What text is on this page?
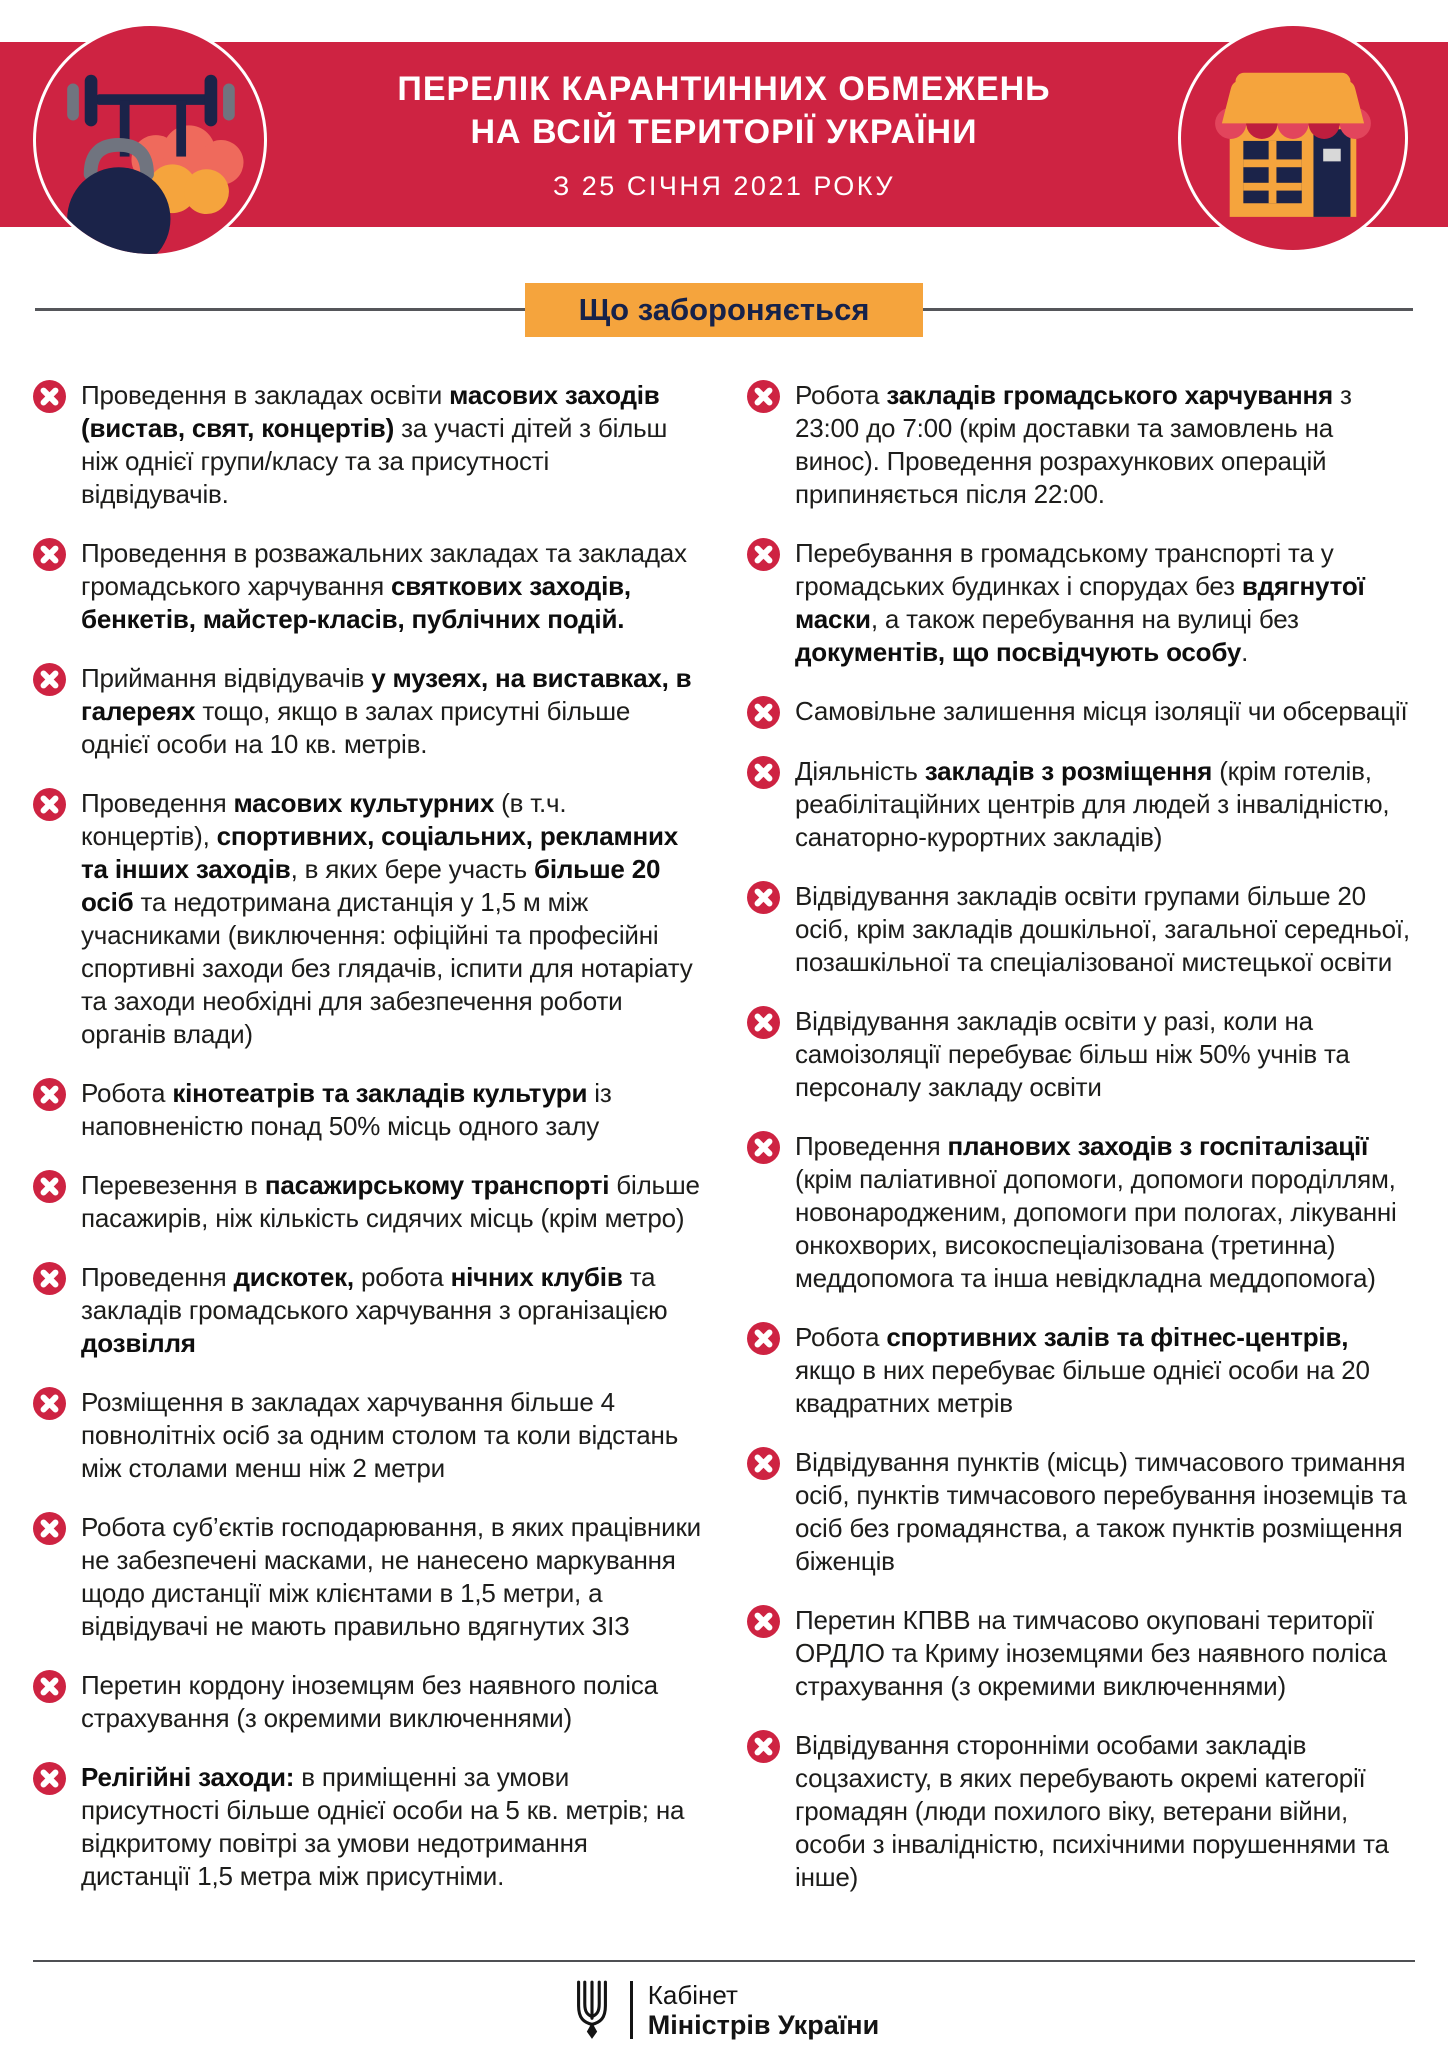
ПЕРЕЛІК КАРАНТИННИХ ОБМЕЖЕНЬ
НА ВСІЙ ТЕРИТОРІЇ УКРАЇНИ
З 25 СІЧНЯ 2021 РОКУ
Що забороняється

Проведення в закладах освіти масових заходів (вистав, свят, концертів) за участі дітей з більш ніж однієї групи/класу та за присутності відвідувачів.

Проведення в розважальних закладах та закладах громадського харчування святкових заходів, бенкетів, майстер-класів, публічних подій.

Приймання відвідувачів у музеях, на виставках, в галереях тощо, якщо в залах присутні більше однієї особи на 10 кв. метрів.

Проведення масових культурних (в т.ч. концертів), спортивних, соціальних, рекламних та інших заходів, в яких бере участь більше 20 осіб та недотримана дистанція у 1,5 м між учасниками (виключення: офіційні та професійні спортивні заходи без глядачів, іспити для нотаріату та заходи необхідні для забезпечення роботи органів влади)

Робота кінотеатрів та закладів культури із наповненістю понад 50% місць одного залу

Перевезення в пасажирському транспорті більше пасажирів, ніж кількість сидячих місць (крім метро)

Проведення дискотек, робота нічних клубів та закладів громадського харчування з організацією дозвілля

Розміщення в закладах харчування більше 4 повнолітніх осіб за одним столом та коли відстань між столами менш ніж 2 метри

Робота суб’єктів господарювання, в яких працівники не забезпечені масками, не нанесено маркування щодо дистанції між клієнтами в 1,5 метри, а відвідувачі не мають правильно вдягнутих ЗІЗ

Перетин кордону іноземцям без наявного поліса страхування (з окремими виключеннями)

Релігійні заходи: в приміщенні за умови присутності більше однієї особи на 5 кв. метрів; на відкритому повітрі за умови недотримання дистанції 1,5 метра між присутніми.

Робота закладів громадського харчування з 23:00 до 7:00 (крім доставки та замовлень на винос). Проведення розрахункових операцій припиняється після 22:00.

Перебування в громадському транспорті та у громадських будинках і спорудах без вдягнутої маски, а також перебування на вулиці без документів, що посвідчують особу.

Самовільне залишення місця ізоляції чи обсервації

Діяльність закладів з розміщення (крім готелів, реабілітаційних центрів для людей з інвалідністю, санаторно-курортних закладів)

Відвідування закладів освіти групами більше 20 осіб, крім закладів дошкільної, загальної середньої, позашкільної та спеціалізованої мистецької освіти

Відвідування закладів освіти у разі, коли на самоізоляції перебуває більш ніж 50% учнів та персоналу закладу освіти

Проведення планових заходів з госпіталізації (крім паліативної допомоги, допомоги породіллям, новонародженим, допомоги при пологах, лікуванні онкохворих, високоспеціалізована (третинна) меддопомога та інша невідкладна меддопомога)

Робота спортивних залів та фітнес-центрів, якщо в них перебуває більше однієї особи на 20 квадратних метрів

Відвідування пунктів (місць) тимчасового тримання осіб, пунктів тимчасового перебування іноземців та осіб без громадянства, а також пунктів розміщення біженців

Перетин КПВВ на тимчасово окуповані території ОРДЛО та Криму іноземцями без наявного поліса страхування (з окремими виключеннями)

Відвідування сторонніми особами закладів соцзахисту, в яких перебувають окремі категорії громадян (люди похилого віку, ветерани війни, особи з інвалідністю, психічними порушеннями та інше)

Кабінет
Міністрів України
